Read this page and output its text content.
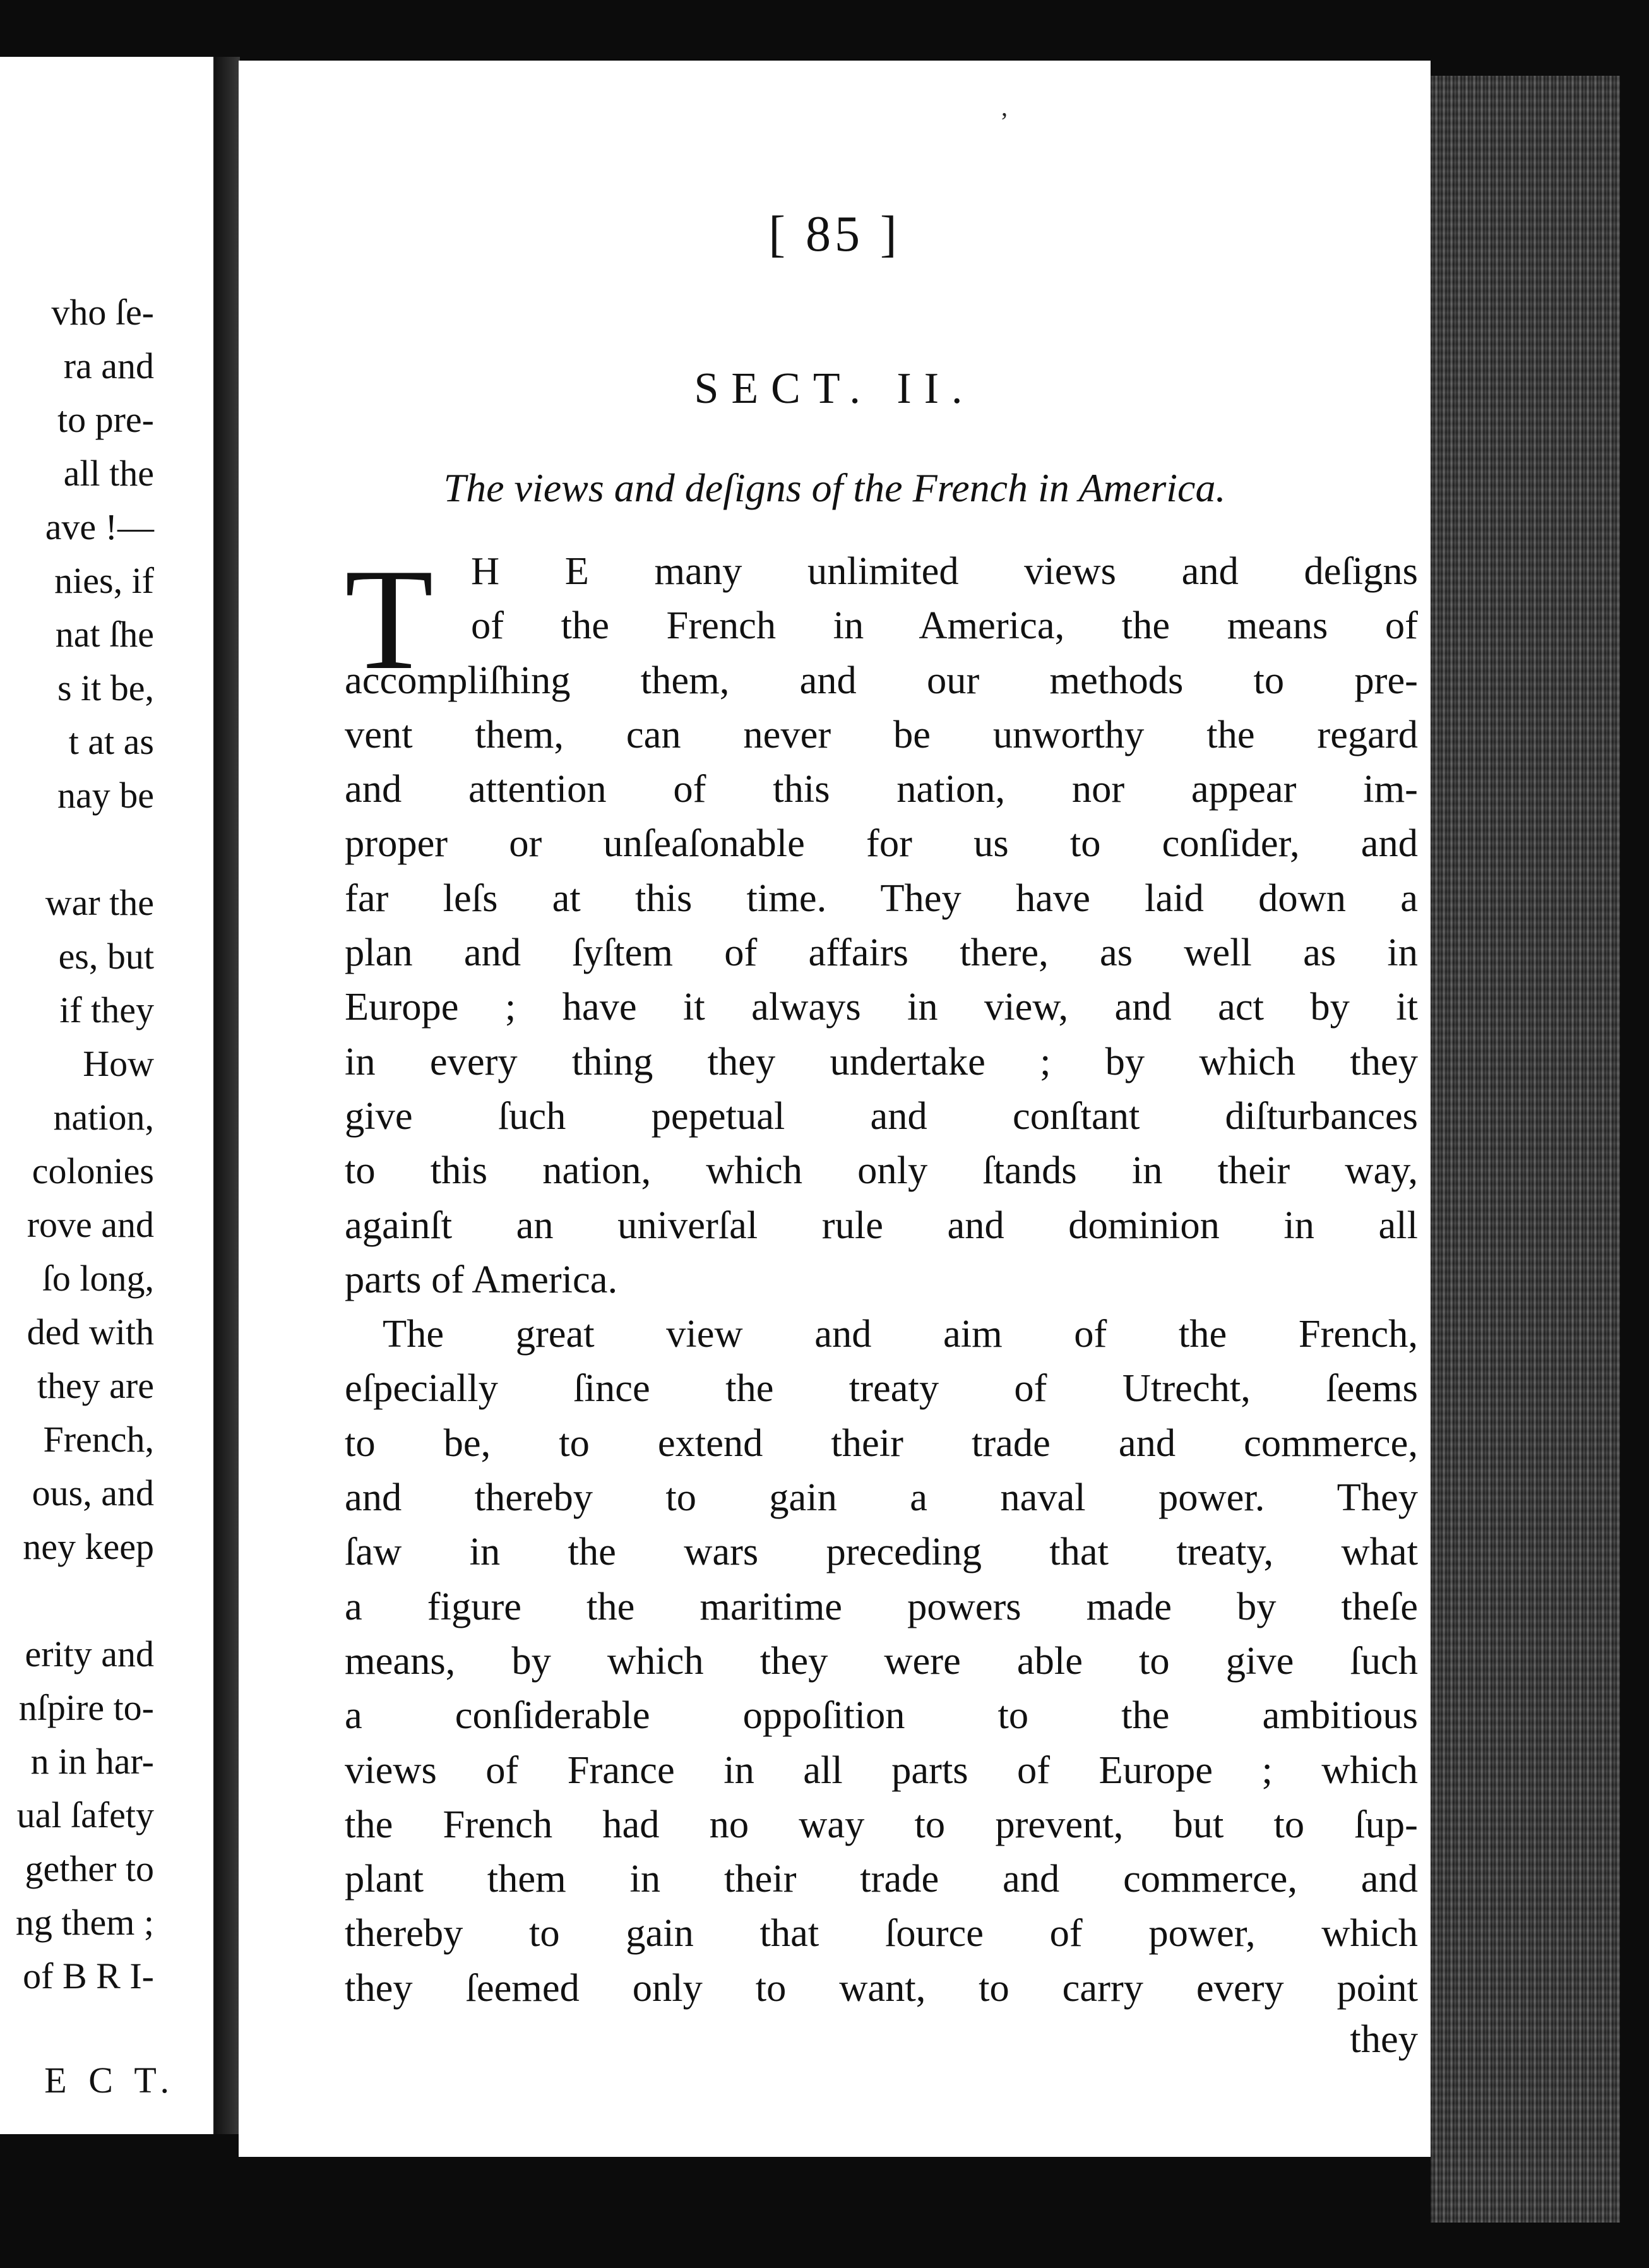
vho ſe-
ra and
to pre-
all the
ave !—
nies, if
nat ſhe
s it be,
t at as
nay be
war the
es, but
if they
How
nation,
colonies
rove and
ſo long,
ded with
they are
French,
ous, and
ney keep
erity and
nſpire to-
n in har-
ual ſafety
gether to
ng them ;
of B R I-
E C T.
,
[ 85 ]
SECT. II.
The views and deſigns of the French in America.
T H E many unlimited views and deſigns
of the French in America, the means of
accompliſhing them, and our methods to pre-
vent them, can never be unworthy the regard
and attention of this nation, nor appear im-
proper or unſeaſonable for us to conſider, and
far leſs at this time. They have laid down a
plan and ſyſtem of affairs there, as well as in
Europe ; have it always in view, and act by it
in every thing they undertake ; by which they
give ſuch pepetual and conſtant diſturbances
to this nation, which only ſtands in their way,
againſt an univerſal rule and dominion in all
parts of America.
The great view and aim of the French,
eſpecially ſince the treaty of Utrecht, ſeems
to be, to extend their trade and commerce,
and thereby to gain a naval power. They
ſaw in the wars preceding that treaty, what
a figure the maritime powers made by theſe
means, by which they were able to give ſuch
a conſiderable oppoſition to the ambitious
views of France in all parts of Europe ; which
the French had no way to prevent, but to ſup-
plant them in their trade and commerce, and
thereby to gain that ſource of power, which
they ſeemed only to want, to carry every point
they
